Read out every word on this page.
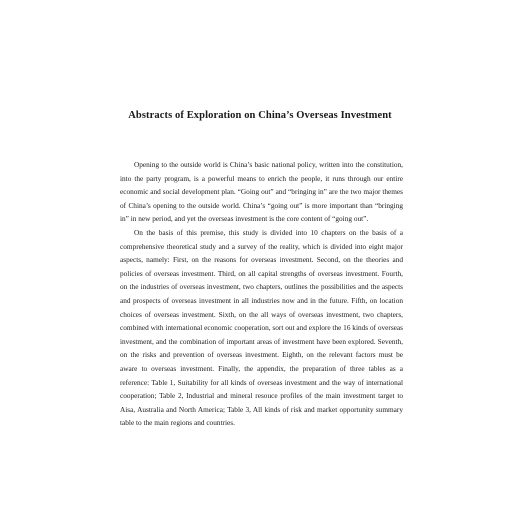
Abstracts of Exploration on China’s Overseas Investment

Opening to the outside world is China’s basic national policy, written into the constitution, into the party program, is a powerful means to enrich the people, it runs through our entire economic and social development plan. “Going out” and “bringing in” are the two major themes of China’s opening to the outside world. China’s “going out” is more important than “bringing in” in new period, and yet the overseas investment is the core content of “going out”.

On the basis of this premise, this study is divided into 10 chapters on the basis of a comprehensive theoretical study and a survey of the reality, which is divided into eight major aspects, namely: First, on the reasons for overseas investment. Second, on the theories and policies of overseas investment. Third, on all capital strengths of overseas investment. Fourth, on the industries of overseas investment, two chapters, outlines the possibilities and the aspects and prospects of overseas investment in all industries now and in the future. Fifth, on location choices of overseas investment. Sixth, on the all ways of overseas investment, two chapters, combined with international economic cooperation, sort out and explore the 16 kinds of overseas investment, and the combination of important areas of investment have been explored. Seventh, on the risks and prevention of overseas investment. Eighth, on the relevant factors must be aware to overseas investment. Finally, the appendix, the preparation of three tables as a reference: Table 1, Suitability for all kinds of overseas investment and the way of international cooperation; Table 2, Industrial and mineral resouce profiles of the main investment target to Aisa, Australia and North America; Table 3, All kinds of risk and market opportunity summary table to the main regions and countries.
